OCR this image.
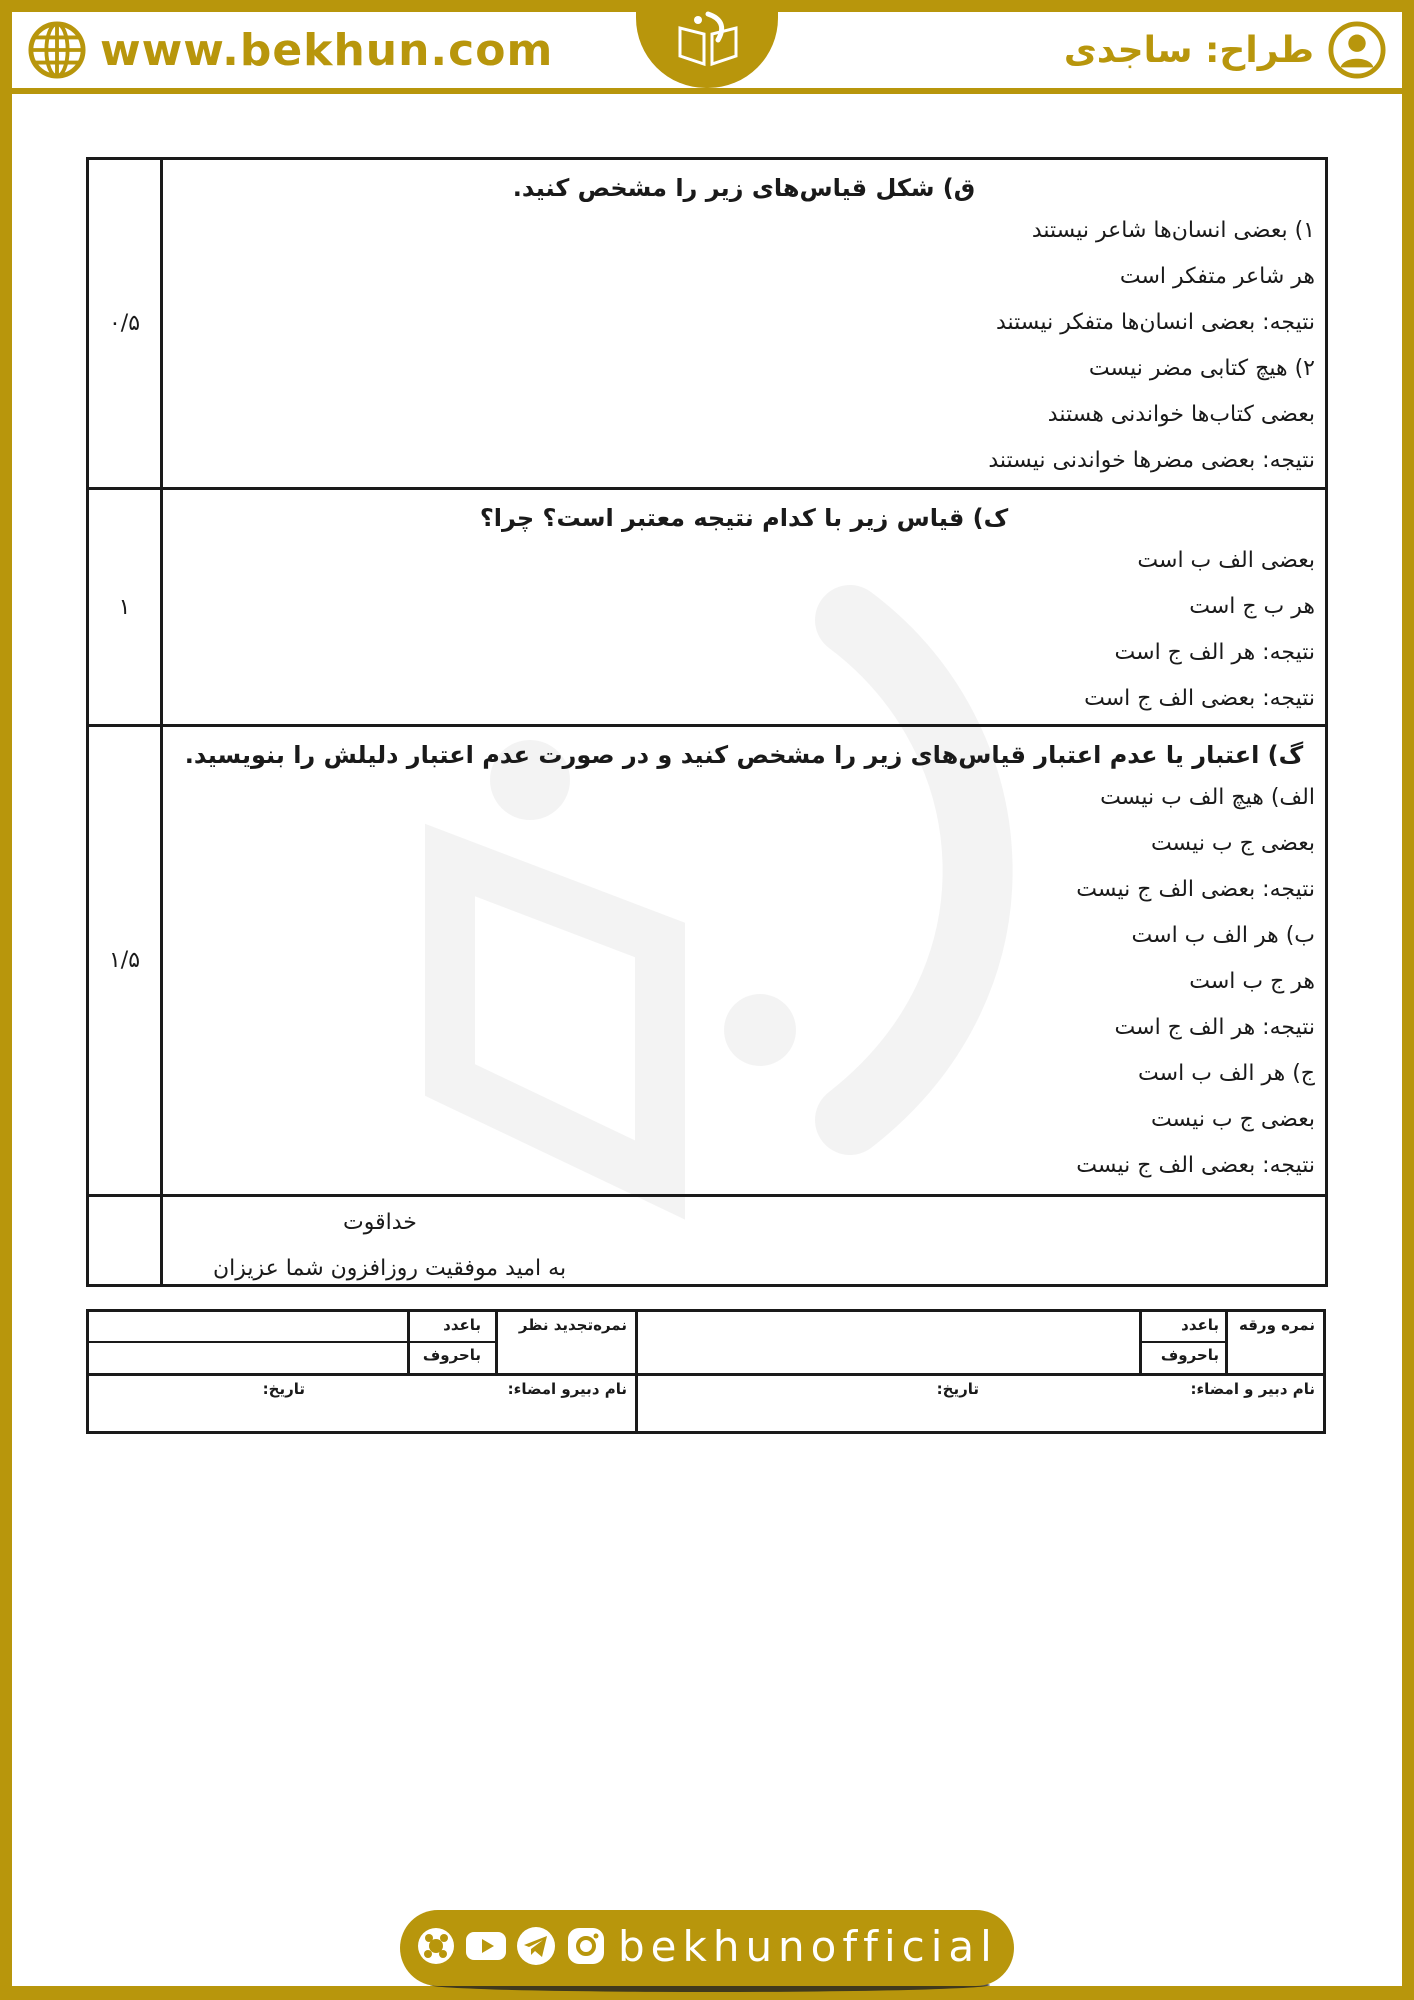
www.bekhun.com	طراح: ساجدی
۰/۵
ق) شکل قیاس‌های زیر را مشخص کنید.
۱) بعضی انسان‌ها شاعر نیستند
هر شاعر متفکر است
نتیجه: بعضی انسان‌ها متفکر نیستند
۲) هیچ کتابی مضر نیست
بعضی کتاب‌ها خواندنی هستند
نتیجه: بعضی مضرها خواندنی نیستند
۱
ک) قیاس زیر با کدام نتیجه معتبر است؟ چرا؟
بعضی الف ب است
هر ب ج است
نتیجه: هر الف ج است
نتیجه: بعضی الف ج است
۱/۵
گ) اعتبار یا عدم اعتبار قیاس‌های زیر را مشخص کنید و در صورت عدم اعتبار دلیلش را بنویسید.
الف) هیچ الف ب نیست
بعضی ج ب نیست
نتیجه: بعضی الف ج نیست
ب) هر الف ب است
هر ج ب است
نتیجه: هر الف ج است
ج) هر الف ب است
بعضی ج ب نیست
نتیجه: بعضی الف ج نیست
خداقوت
به امید موفقیت روزافزون شما عزیزان
نمره ورقه
باعدد
باحروف
نمره‌تجدید نظر
باعدد
باحروف
نام دبیر و امضاء:
تاریخ:
نام دبیرو امضاء:
تاریخ:
bekhunofficial
